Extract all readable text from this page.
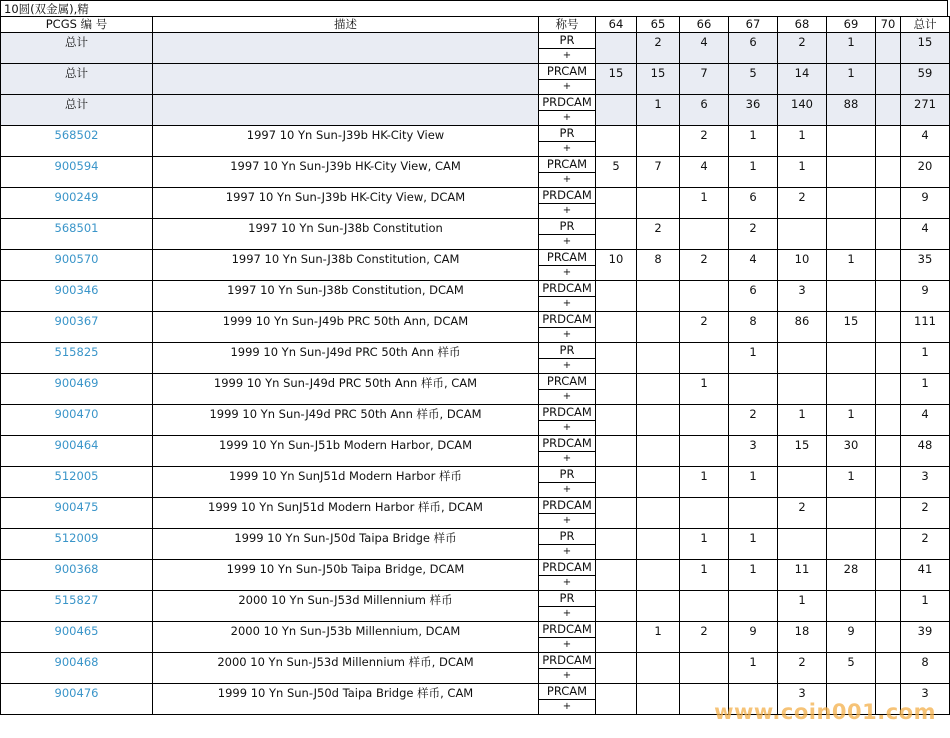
10圆(双金属),精
PCGS 编 号	描述	称号	64	65	66	67	68	69	70	总计
总计		PR		2	4	6	2	1		15
		+								
总计		PRCAM	15	15	7	5	14	1		59
		+								
总计		PRDCAM		1	6	36	140	88		271
		+								
568502	1997 10 Yn Sun-J39b HK-City View	PR			2	1	1			4
		+								
900594	1997 10 Yn Sun-J39b HK-City View, CAM	PRCAM	5	7	4	1	1			20
		+								
900249	1997 10 Yn Sun-J39b HK-City View, DCAM	PRDCAM			1	6	2			9
		+								
568501	1997 10 Yn Sun-J38b Constitution	PR		2		2				4
		+								
900570	1997 10 Yn Sun-J38b Constitution, CAM	PRCAM	10	8	2	4	10	1		35
		+								
900346	1997 10 Yn Sun-J38b Constitution, DCAM	PRDCAM				6	3			9
		+								
900367	1999 10 Yn Sun-J49b PRC 50th Ann, DCAM	PRDCAM			2	8	86	15		111
		+								
515825	1999 10 Yn Sun-J49d PRC 50th Ann 样币	PR				1				1
		+								
900469	1999 10 Yn Sun-J49d PRC 50th Ann 样币, CAM	PRCAM			1					1
		+								
900470	1999 10 Yn Sun-J49d PRC 50th Ann 样币, DCAM	PRDCAM				2	1	1		4
		+								
900464	1999 10 Yn Sun-J51b Modern Harbor, DCAM	PRDCAM				3	15	30		48
		+								
512005	1999 10 Yn SunJ51d Modern Harbor 样币	PR			1	1		1		3
		+								
900475	1999 10 Yn SunJ51d Modern Harbor 样币, DCAM	PRDCAM					2			2
		+								
512009	1999 10 Yn Sun-J50d Taipa Bridge 样币	PR			1	1				2
		+								
900368	1999 10 Yn Sun-J50b Taipa Bridge, DCAM	PRDCAM			1	1	11	28		41
		+								
515827	2000 10 Yn Sun-J53d Millennium 样币	PR					1			1
		+								
900465	2000 10 Yn Sun-J53b Millennium, DCAM	PRDCAM		1	2	9	18	9		39
		+								
900468	2000 10 Yn Sun-J53d Millennium 样币, DCAM	PRDCAM				1	2	5		8
		+								
900476	1999 10 Yn Sun-J50d Taipa Bridge 样币, CAM	PRCAM					3			3
		+									www.coin001.com
